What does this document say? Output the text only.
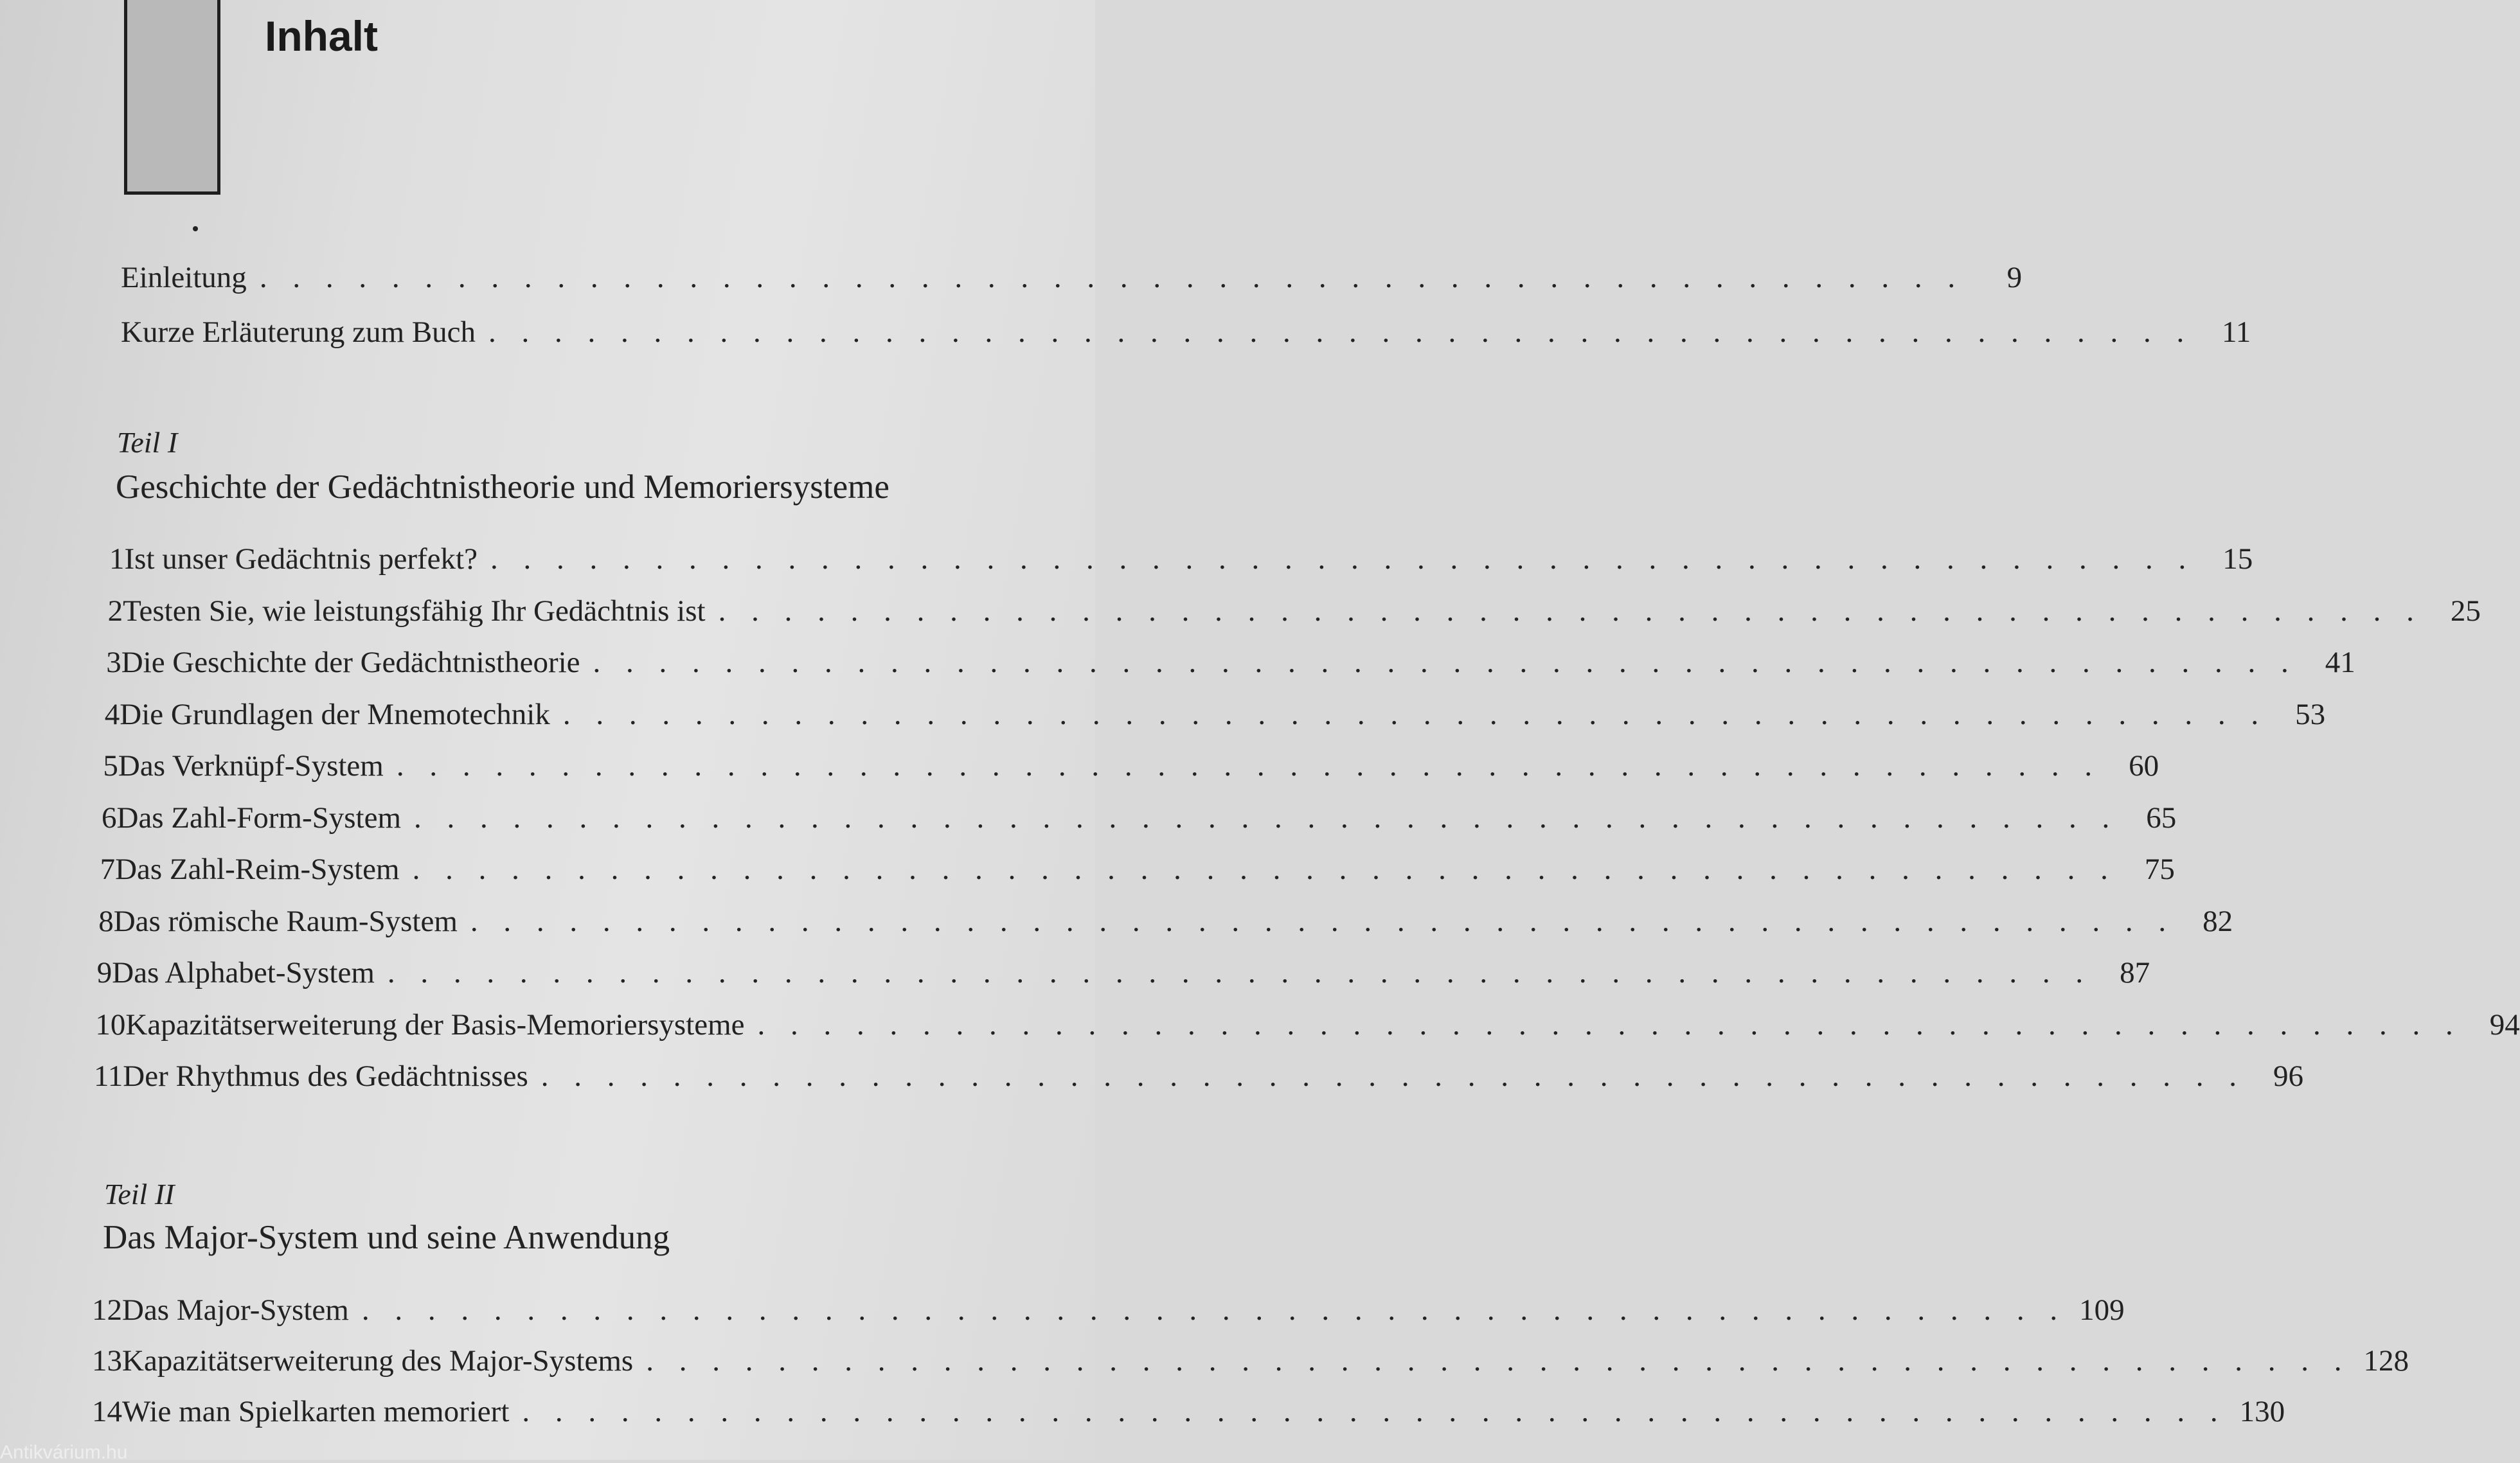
Inhalt
Einleitung . . . . . . . . . . . . . . . . . . . . . . . . . . . . . . . . . . . . . . . . . . . . . . . . . . . .	9
Kurze Erläuterung zum Buch . . . . . . . . . . . . . . . . . . . . . . . . . . . . . . . . . . . . . . . . . . . . . . . . . . . . 11
Teil I
Geschichte der Gedächtnistheorie und Memoriersysteme
1 Ist unser Gedächtnis perfekt? . . . . . . . . . . . . . . . . . . . . . . . . . . . . . . . . . . . . . . . . . . . . . . . . . . . . 15
2 Testen Sie, wie leistungsfähig Ihr Gedächtnis ist . . . . . . . . . . . . . . . . . . . . . . . . . . . . . . . . . . . . . . . . . . . . . . . . . . . . 25
3 Die Geschichte der Gedächtnistheorie . . . . . . . . . . . . . . . . . . . . . . . . . . . . . . . . . . . . . . . . . . . . . . . . . . . . 41
4 Die Grundlagen der Mnemotechnik . . . . . . . . . . . . . . . . . . . . . . . . . . . . . . . . . . . . . . . . . . . . . . . . . . . . 53
5 Das Verknüpf-System . . . . . . . . . . . . . . . . . . . . . . . . . . . . . . . . . . . . . . . . . . . . . . . . . . . . 60
6 Das Zahl-Form-System . . . . . . . . . . . . . . . . . . . . . . . . . . . . . . . . . . . . . . . . . . . . . . . . . . . . 65
7 Das Zahl-Reim-System . . . . . . . . . . . . . . . . . . . . . . . . . . . . . . . . . . . . . . . . . . . . . . . . . . . . 75
8 Das römische Raum-System . . . . . . . . . . . . . . . . . . . . . . . . . . . . . . . . . . . . . . . . . . . . . . . . . . . . 82
9 Das Alphabet-System . . . . . . . . . . . . . . . . . . . . . . . . . . . . . . . . . . . . . . . . . . . . . . . . . . . . 87
10 Kapazitätserweiterung der Basis-Memoriersysteme . . . . . . . . . . . . . . . . . . . . . . . . . . . . . . . . . . . . . . . . . . . . . . . . . . . . 94
11 Der Rhythmus des Gedächtnisses . . . . . . . . . . . . . . . . . . . . . . . . . . . . . . . . . . . . . . . . . . . . . . . . . . . . 96
Teil II
Das Major-System und seine Anwendung
12 Das Major-System . . . . . . . . . . . . . . . . . . . . . . . . . . . . . . . . . . . . . . . . . . . . . . . . . . . . 109
13 Kapazitätserweiterung des Major-Systems . . . . . . . . . . . . . . . . . . . . . . . . . . . . . . . . . . . . . . . . . . . . . . . . . . . . 128
14 Wie man Spielkarten memoriert . . . . . . . . . . . . . . . . . . . . . . . . . . . . . . . . . . . . . . . . . . . . . . . . . . . . 130
Antikvárium.hu
